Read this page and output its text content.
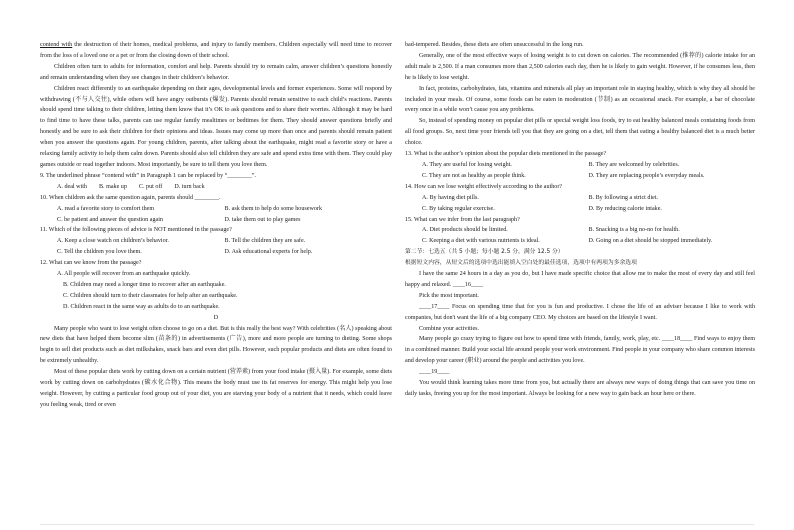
contend with the destruction of their homes, medical problems, and injury to family members. Children especially will need time to recover from the loss of a loved one or a pet or from the closing down of their school.

Children often turn to adults for information, comfort and help. Parents should try to remain calm, answer children’s questions honestly and remain understanding when they see changes in their children’s behavior.

Children react differently to an earthquake depending on their ages, developmental levels and former experiences. Some will respond by withdrawing (不与人交往), while others will have angry outbursts (爆发). Parents should remain sensitive to each child’s reactions. Parents should spend time talking to their children, letting them know that it’s OK to ask questions and to share their worries. Although it may be hard to find time to have these talks, parents can use regular family mealtimes or bedtimes for them. They should answer questions briefly and honestly and be sure to ask their children for their opinions and ideas. Issues may come up more than once and parents should remain patient when you answer the questions again. For young children, parents, after talking about the earthquake, might read a favorite story or have a relaxing family activity to help them calm down. Parents should also tell children they are safe and spend extra time with them. They could play games outside or read together indoors. Most importantly, be sure to tell them you love them.

9. The underlined phrase “contend with” in Paragraph 1 can be replaced by “________”.

A. deal with B. make up C. put off D. turn back

10. When children ask the same question again, parents should ________.

A. read a favorite story to comfort them	B. ask them to help do some housework
C. be patient and answer the question again	D. take them out to play games

11. Which of the following pieces of advice is NOT mentioned in the passage?

A. Keep a close watch on children’s behavior.	B. Tell the children they are safe.
C. Tell the children you love them.	D. Ask educational experts for help.

12. What can we know from the passage?

A. All people will recover from an earthquake quickly.
B. Children may need a longer time to recover after an earthquake.
C. Children should turn to their classmates for help after an earthquake.
D. Children react in the same way as adults do to an earthquake.

D

Many people who want to lose weight often choose to go on a diet. But is this really the best way? With celebrities (名人) speaking about new diets that have helped them become slim (苗条的) in advertisements (广告), more and more people are turning to dieting. Some shops begin to sell diet products such as diet milkshakes, snack bars and even diet pills. However, such popular products and diets are often found to be extremely unhealthy.

Most of these popular diets work by cutting down on a certain nutrient (营养素) from your food intake (摄入量). For example, some diets work by cutting down on carbohydrates (碳水化合物). This means the body must use its fat reserves for energy. This might help you lose weight. However, by cutting a particular food group out of your diet, you are starving your body of a nutrient that it needs, which could leave you feeling weak, tired or even

bad-tempered. Besides, these diets are often unsuccessful in the long run.

Generally, one of the most effective ways of losing weight is to cut down on calories. The recommended (推荐的) calorie intake for an adult male is 2,500. If a man consumes more than 2,500 calories each day, then he is likely to gain weight. However, if he consumes less, then he is likely to lose weight.

In fact, proteins, carbohydrates, fats, vitamins and minerals all play an important role in staying healthy, which is why they all should be included in your meals. Of course, some foods can be eaten in moderation (节制) as an occasional snack. For example, a bar of chocolate every once in a while won’t cause you any problems.

So, instead of spending money on popular diet pills or special weight loss foods, try to eat healthy balanced meals containing foods from all food groups. So, next time your friends tell you that they are going on a diet, tell them that eating a healthy balanced diet is a much better choice.

13. What is the author’s opinion about the popular diets mentioned in the passage?

A. They are useful for losing weight.	B. They are welcomed by celebrities.
C. They are not as healthy as people think.	D. They are replacing people’s everyday meals.

14. How can we lose weight effectively according to the author?

A. By having diet pills.	B. By following a strict diet.
C. By taking regular exercise.	D. By reducing calorie intake.

15. What can we infer from the last paragraph?

A. Diet products should be limited.	B. Snacking is a big no-no for health.
C. Keeping a diet with various nutrients is ideal.	D. Going on a diet should be stopped immediately.

第二节：七选五（共 5 小题；每小题 2.5 分，满分 12.5 分）

根据短文内容，从短文后的选项中选出能填入空白处的最佳选项，选项中有两项为多余选项

I have the same 24 hours in a day as you do, but I have made specific choice that allow me to make the most of every day and still feel happy and relaxed. ____16____

Pick the most important.

____17____ Focus on spending time that for you is fun and productive. I chose the life of an adviser because I like to work with companies, but don't want the life of a big company CEO. My choices are based on the lifestyle I want.

Combine your activities.

Many people go crazy trying to figure out how to spend time with friends, family, work, play, etc. ____18____ Find ways to enjoy them in a combined manner. Build your social life around people your work environment. Find people in your company who share common interests and develop your career (职业) around the people and activities you love.

____19____

You would think learning takes more time from you, but actually there are always new ways of doing things that can save you time on daily tasks, freeing you up for the most important. Always be looking for a new way to gain back an hour here or there.
